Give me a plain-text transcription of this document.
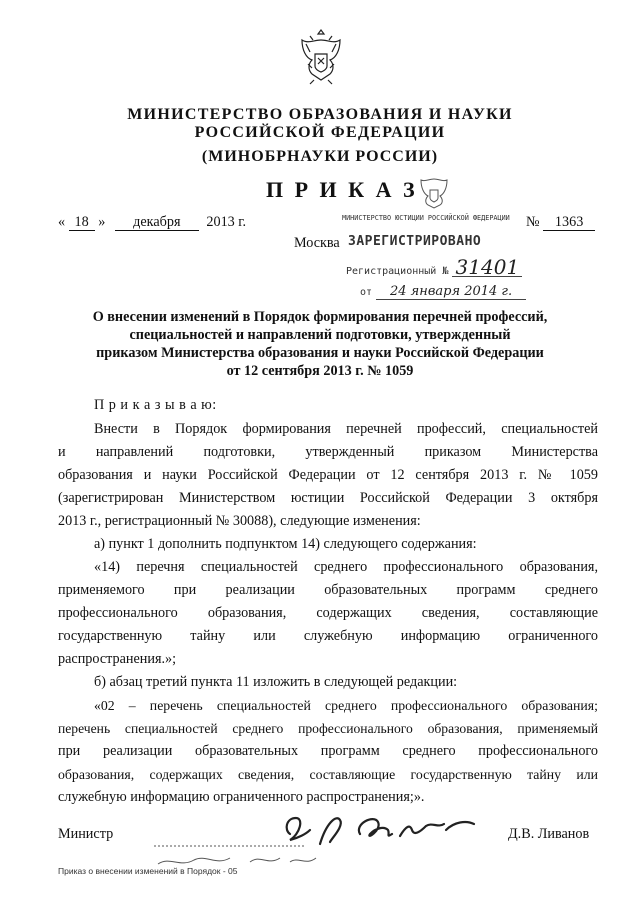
МИНИСТЕРСТВО ОБРАЗОВАНИЯ И НАУКИ
РОССИЙСКОЙ ФЕДЕРАЦИИ
(МИНОБРНАУКИ РОССИИ)
П Р И К А З
« 18 » декабря 2013 г.	№ 1363
Москва
МИНИСТЕРСТВО ЮСТИЦИИ РОССИЙСКОЙ ФЕДЕРАЦИИ
ЗАРЕГИСТРИРОВАНО
Регистрационный № 31401
от 24 января 2014 г.
О внесении изменений в Порядок формирования перечней профессий,
специальностей и направлений подготовки, утвержденный
приказом Министерства образования и науки Российской Федерации
от 12 сентября 2013 г. № 1059
П р и к а з ы в а ю:
Внести в Порядок формирования перечней профессий, специальностей
и направлений подготовки, утвержденный приказом Министерства
образования и науки Российской Федерации от 12 сентября 2013 г. № 1059
(зарегистрирован Министерством юстиции Российской Федерации 3 октября
2013 г., регистрационный № 30088), следующие изменения:
а) пункт 1 дополнить подпунктом 14) следующего содержания:
«14) перечня специальностей среднего профессионального образования,
применяемого при реализации образовательных программ среднего
профессионального образования, содержащих сведения, составляющие
государственную тайну или служебную информацию ограниченного
распространения.»;
б) абзац третий пункта 11 изложить в следующей редакции:
«02 – перечень специальностей среднего профессионального образования;
перечень специальностей среднего профессионального образования, применяемый
при реализации образовательных программ среднего профессионального
образования, содержащих сведения, составляющие государственную тайну или
служебную информацию ограниченного распространения;».
Министр	Д.В. Ливанов
Приказ о внесении изменений в Порядок - 05
